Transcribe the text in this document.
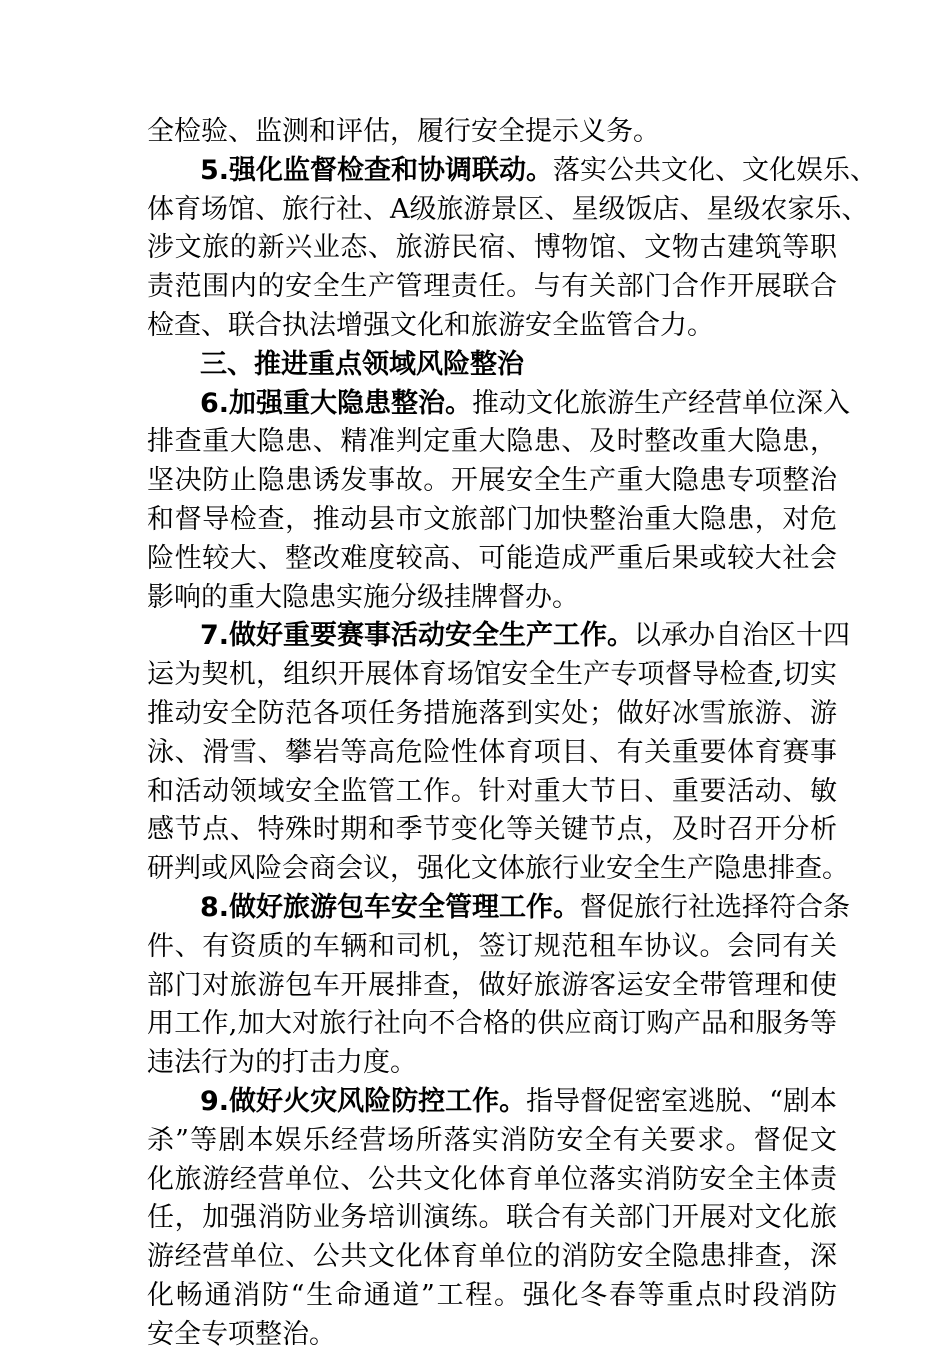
全检验、监测和评估，履行安全提示义务。
5.强化监督检查和协调联动。落实公共文化、文化娱乐、
体育场馆、旅行社、A级旅游景区、星级饭店、星级农家乐、
涉文旅的新兴业态、旅游民宿、博物馆、文物古建筑等职
责范围内的安全生产管理责任。与有关部门合作开展联合
检查、联合执法增强文化和旅游安全监管合力。
三、推进重点领域风险整治
6.加强重大隐患整治。推动文化旅游生产经营单位深入
排查重大隐患、精准判定重大隐患、及时整改重大隐患，
坚决防止隐患诱发事故。开展安全生产重大隐患专项整治
和督导检查，推动县市文旅部门加快整治重大隐患，对危
险性较大、整改难度较高、可能造成严重后果或较大社会
影响的重大隐患实施分级挂牌督办。
7.做好重要赛事活动安全生产工作。以承办自治区十四
运为契机，组织开展体育场馆安全生产专项督导检查,切实
推动安全防范各项任务措施落到实处；做好冰雪旅游、游
泳、滑雪、攀岩等高危险性体育项目、有关重要体育赛事
和活动领域安全监管工作。针对重大节日、重要活动、敏
感节点、特殊时期和季节变化等关键节点，及时召开分析
研判或风险会商会议，强化文体旅行业安全生产隐患排查。
8.做好旅游包车安全管理工作。督促旅行社选择符合条
件、有资质的车辆和司机，签订规范租车协议。会同有关
部门对旅游包车开展排查，做好旅游客运安全带管理和使
用工作,加大对旅行社向不合格的供应商订购产品和服务等
违法行为的打击力度。
9.做好火灾风险防控工作。指导督促密室逃脱、“剧本
杀”等剧本娱乐经营场所落实消防安全有关要求。督促文
化旅游经营单位、公共文化体育单位落实消防安全主体责
任，加强消防业务培训演练。联合有关部门开展对文化旅
游经营单位、公共文化体育单位的消防安全隐患排查，深
化畅通消防“生命通道”工程。强化冬春等重点时段消防
安全专项整治。
